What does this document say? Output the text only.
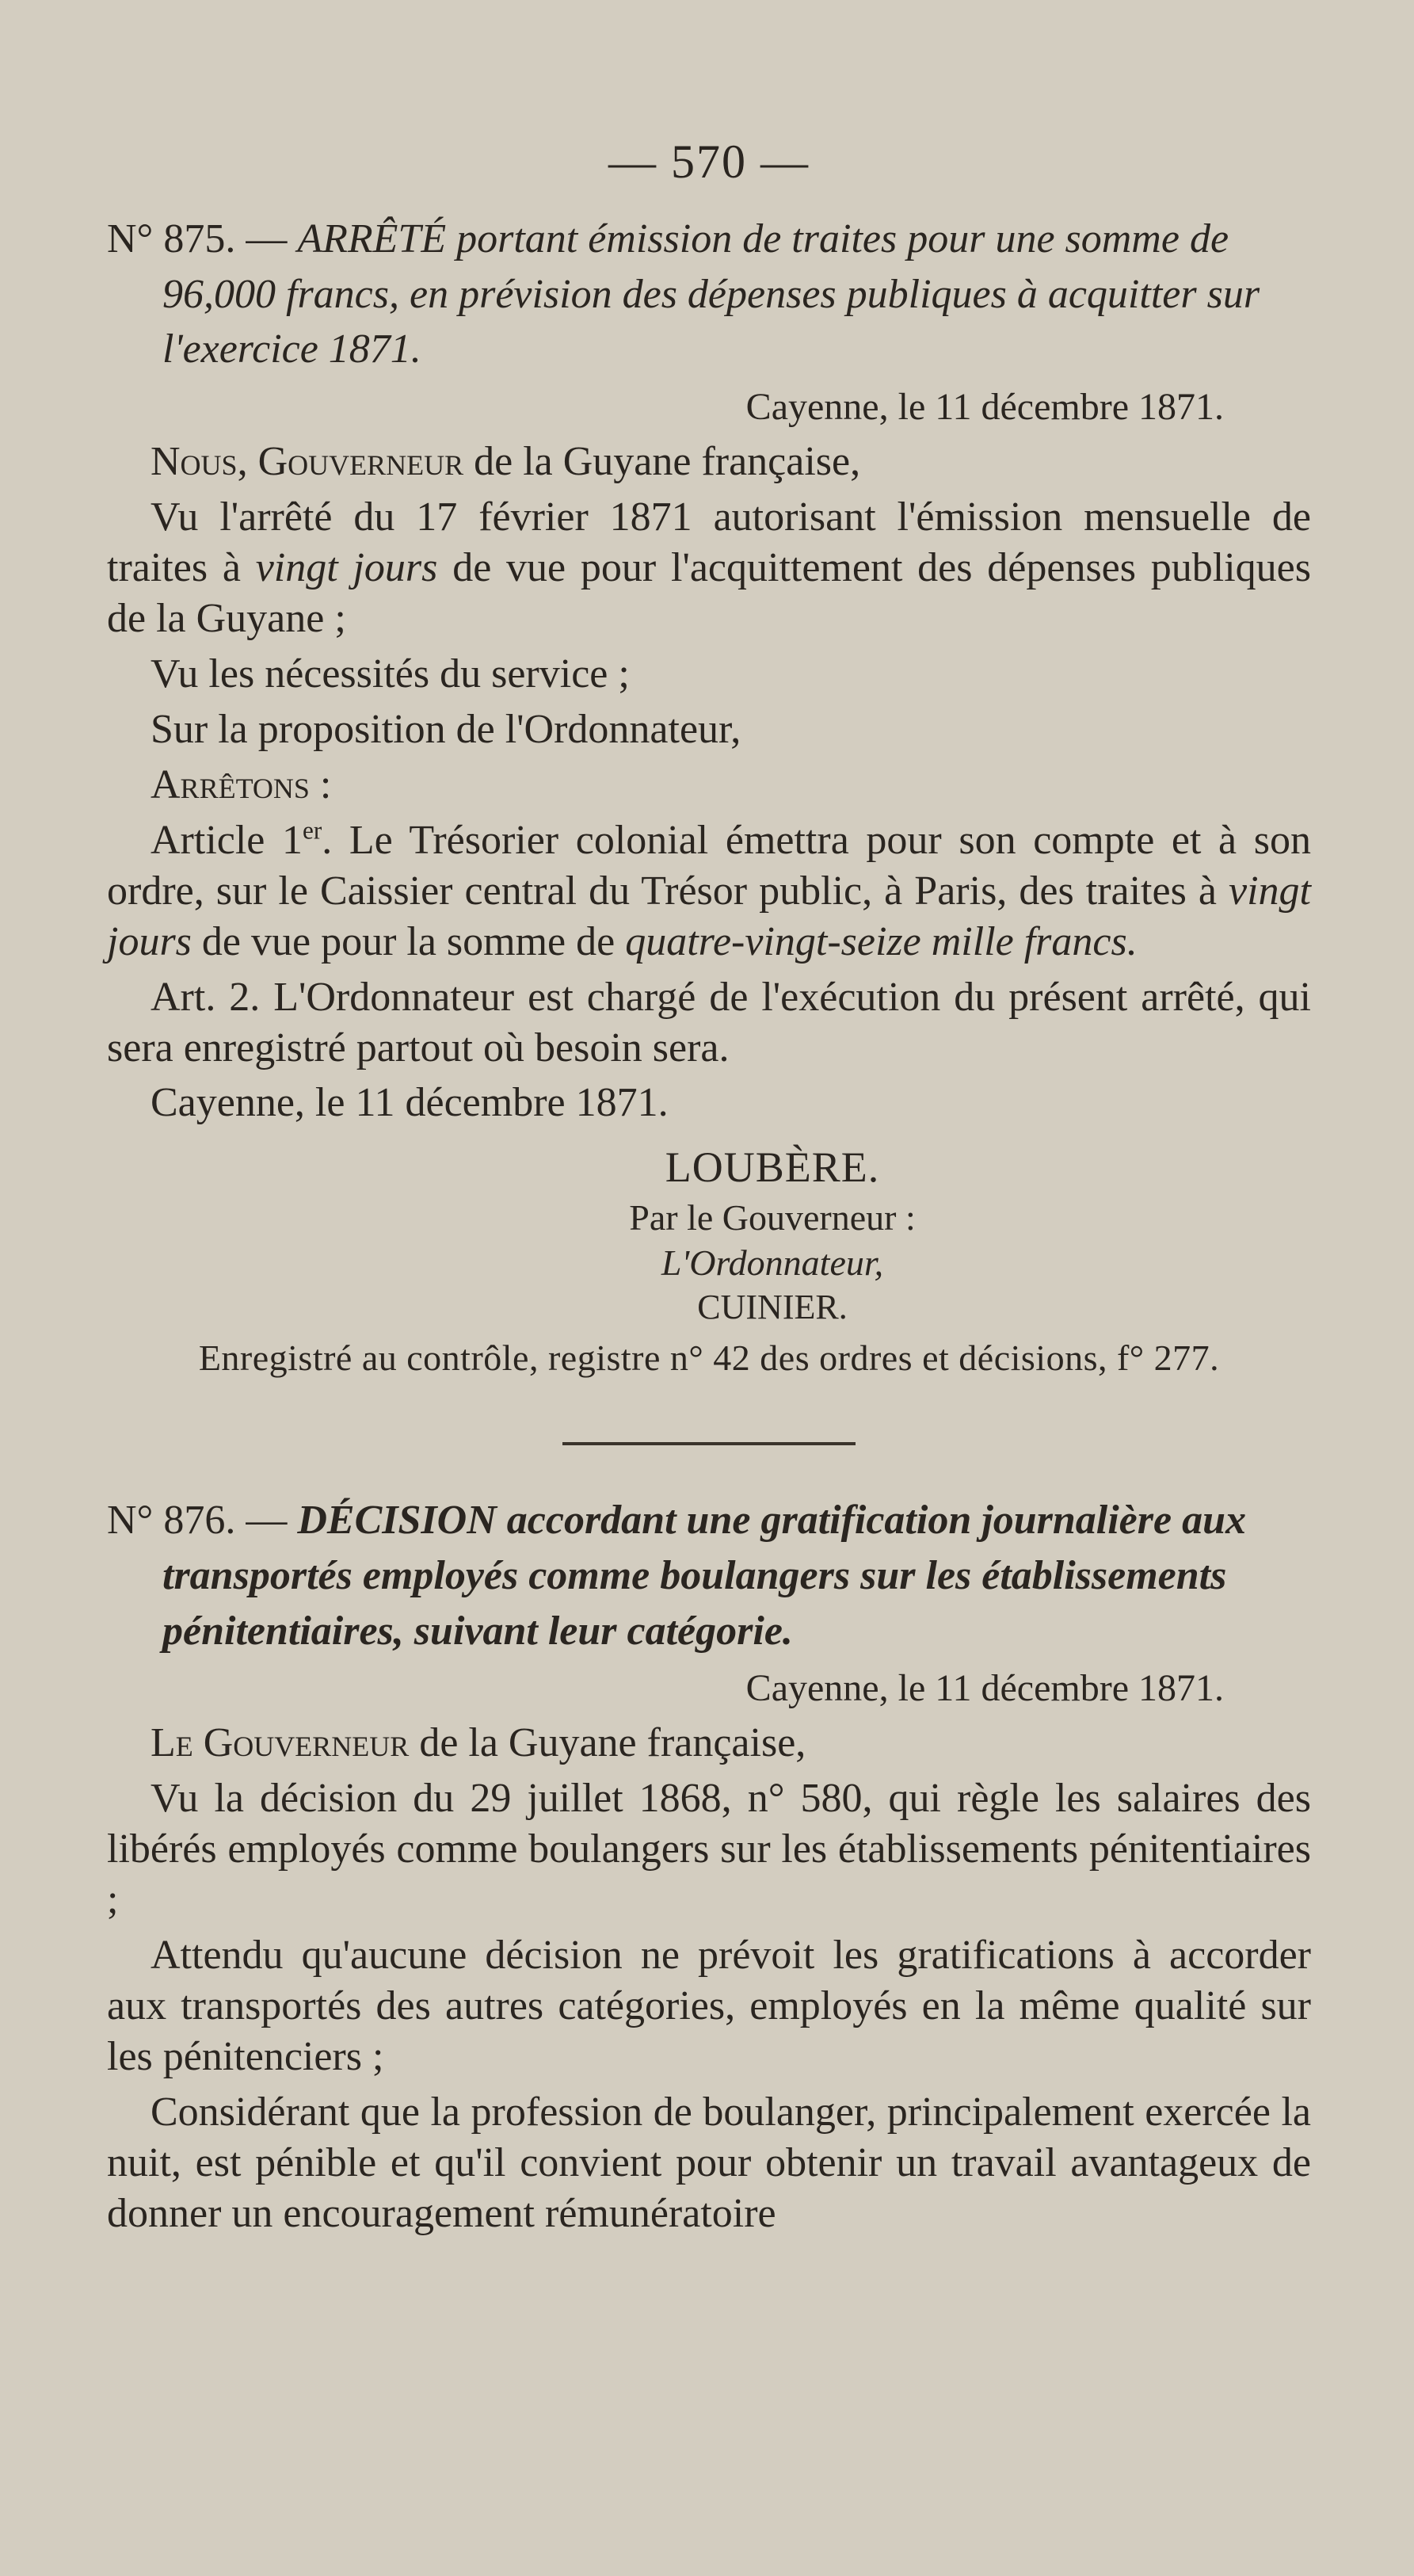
— 570 —
N° 875. — ARRÊTÉ portant émission de traites pour une somme de 96,000 francs, en prévision des dépenses publiques à acquitter sur l'exercice 1871.
Cayenne, le 11 décembre 1871.

Nous, Gouverneur de la Guyane française,

Vu l'arrêté du 17 février 1871 autorisant l'émission mensuelle de traites à vingt jours de vue pour l'acquittement des dépenses publiques de la Guyane ;

Vu les nécessités du service ;

Sur la proposition de l'Ordonnateur,

Arrêtons :

Article 1er. Le Trésorier colonial émettra pour son compte et à son ordre, sur le Caissier central du Trésor public, à Paris, des traites à vingt jours de vue pour la somme de quatre-vingt-seize mille francs.

Art. 2. L'Ordonnateur est chargé de l'exécution du présent arrêté, qui sera enregistré partout où besoin sera.

Cayenne, le 11 décembre 1871.

LOUBÈRE.
Par le Gouverneur :
L'Ordonnateur,
CUINIER.
Enregistré au contrôle, registre n° 42 des ordres et décisions, f° 277.
N° 876. — DÉCISION accordant une gratification journalière aux transportés employés comme boulangers sur les établissements pénitentiaires, suivant leur catégorie.
Cayenne, le 11 décembre 1871.

Le Gouverneur de la Guyane française,

Vu la décision du 29 juillet 1868, n° 580, qui règle les salaires des libérés employés comme boulangers sur les établissements pénitentiaires ;

Attendu qu'aucune décision ne prévoit les gratifications à accorder aux transportés des autres catégories, employés en la même qualité sur les pénitenciers ;

Considérant que la profession de boulanger, principalement exercée la nuit, est pénible et qu'il convient pour obtenir un travail avantageux de donner un encouragement rémunératoire
